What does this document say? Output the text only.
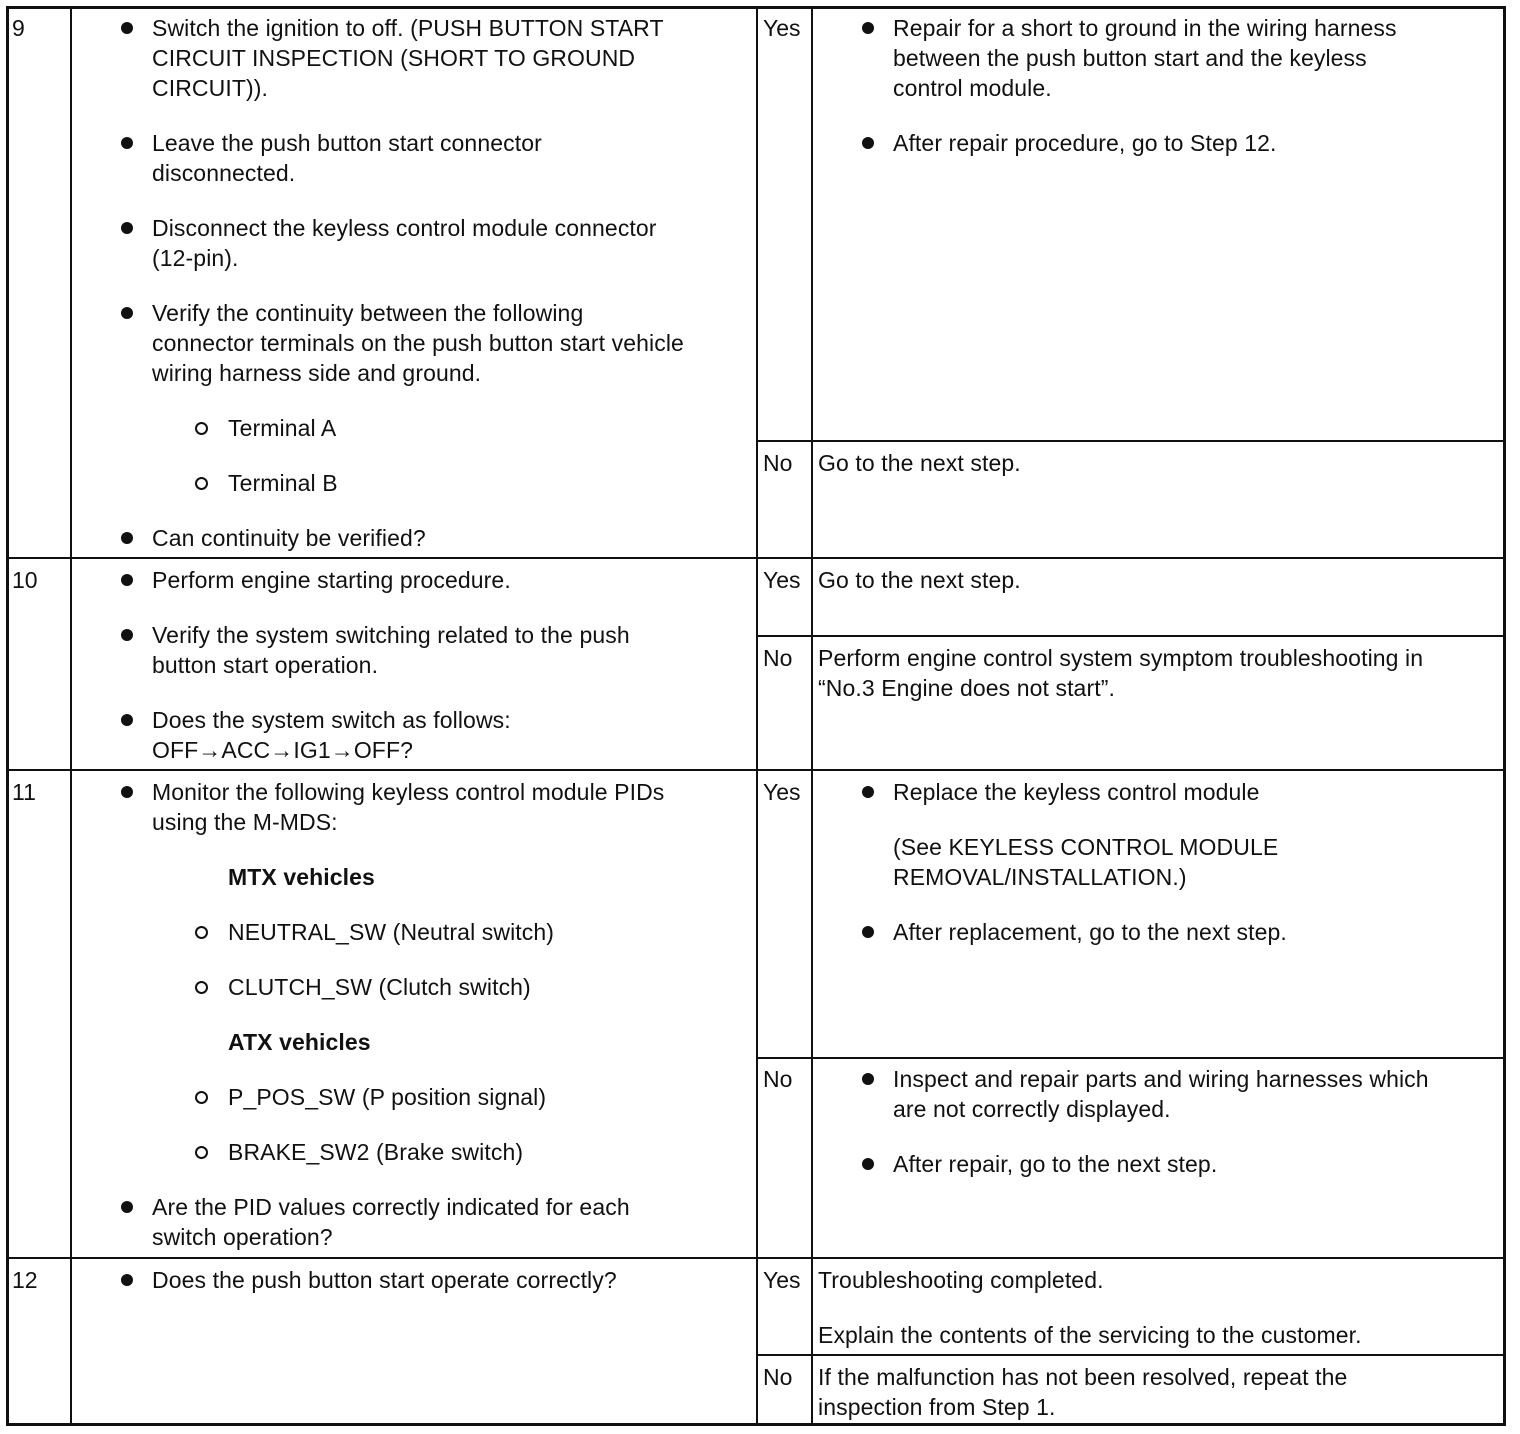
9	Switch the ignition to off. (PUSH BUTTON START
CIRCUIT INSPECTION (SHORT TO GROUND
CIRCUIT)).
Leave the push button start connector
disconnected.
Disconnect the keyless control module connector
(12-pin).
Verify the continuity between the following
connector terminals on the push button start vehicle
wiring harness side and ground.
Terminal A
Terminal B
Can continuity be verified?
Yes	Repair for a short to ground in the wiring harness
between the push button start and the keyless
control module.
After repair procedure, go to Step 12.
No Go to the next step.
10	Perform engine starting procedure.
Verify the system switching related to the push
button start operation.
Does the system switch as follows:
OFF→ACC→IG1→OFF?
Yes Go to the next step.
No Perform engine control system symptom troubleshooting in
“No.3 Engine does not start”.
11	Monitor the following keyless control module PIDs
using the M-MDS:
MTX vehicles
NEUTRAL_SW (Neutral switch)
CLUTCH_SW (Clutch switch)
ATX vehicles
P_POS_SW (P position signal)
BRAKE_SW2 (Brake switch)
Are the PID values correctly indicated for each
switch operation?
Yes	Replace the keyless control module
(See KEYLESS CONTROL MODULE
REMOVAL/INSTALLATION.)
After replacement, go to the next step.
No	Inspect and repair parts and wiring harnesses which
are not correctly displayed.
After repair, go to the next step.
12	Does the push button start operate correctly?	Yes Troubleshooting completed.
Explain the contents of the servicing to the customer.
No If the malfunction has not been resolved, repeat the
inspection from Step 1.
